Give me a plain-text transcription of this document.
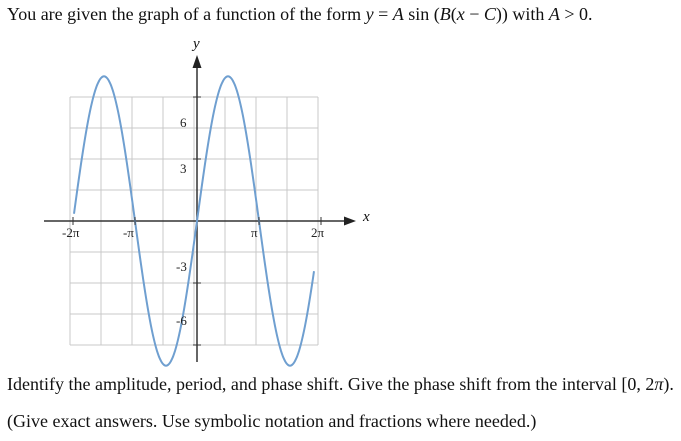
You are given the graph of a function of the form y = A sin (B(x − C)) with A > 0.
-2π	-π	π	2π
6
3
-3
-6
y
x
Identify the amplitude, period, and phase shift. Give the phase shift from the interval [0, 2π).
(Give exact answers. Use symbolic notation and fractions where needed.)
